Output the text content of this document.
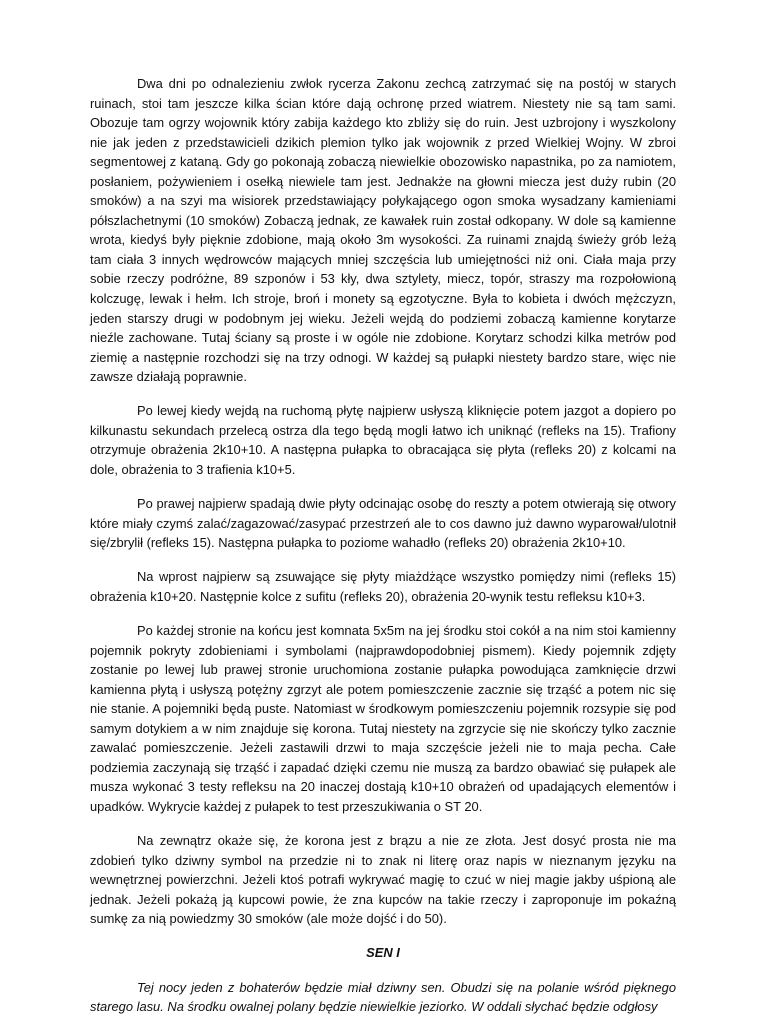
Dwa dni po odnalezieniu zwłok rycerza Zakonu zechcą zatrzymać się na postój w starych ruinach, stoi tam jeszcze kilka ścian które dają ochronę przed wiatrem. Niestety nie są tam sami. Obozuje tam ogrzy wojownik który zabija każdego kto zbliży się do ruin. Jest uzbrojony i wyszkolony nie jak jeden z przedstawicieli dzikich plemion tylko jak wojownik z przed Wielkiej Wojny. W zbroi segmentowej z kataną. Gdy go pokonają zobaczą niewielkie obozowisko napastnika, po za namiotem, posłaniem, pożywieniem i osełką niewiele tam jest. Jednakże na głowni miecza jest duży rubin (20 smoków) a na szyi ma wisiorek przedstawiający połykającego ogon smoka wysadzany kamieniami półszlachetnymi (10 smoków) Zobaczą jednak, ze kawałek ruin został odkopany. W dole są kamienne wrota, kiedyś były pięknie zdobione, mają około 3m wysokości. Za ruinami znajdą świeży grób leżą tam ciała 3 innych wędrowców mających mniej szczęścia lub umiejętności niż oni. Ciała maja przy sobie rzeczy podróżne, 89 szponów i 53 kły, dwa sztylety, miecz, topór, straszy ma rozpołowioną kolczugę, lewak i hełm. Ich stroje, broń i monety są egzotyczne. Była to kobieta i dwóch mężczyzn, jeden starszy drugi w podobnym jej wieku. Jeżeli wejdą do podziemi zobaczą kamienne korytarze nieźle zachowane. Tutaj ściany są proste i w ogóle nie zdobione. Korytarz schodzi kilka metrów pod ziemię a następnie rozchodzi się na trzy odnogi. W każdej są pułapki niestety bardzo stare, więc nie zawsze działają poprawnie.

Po lewej kiedy wejdą na ruchomą płytę najpierw usłyszą kliknięcie potem jazgot a dopiero po kilkunastu sekundach przelecą ostrza dla tego będą mogli łatwo ich uniknąć (refleks na 15). Trafiony otrzymuje obrażenia 2k10+10. A następna pułapka to obracająca się płyta (refleks 20) z kolcami na dole, obrażenia to 3 trafienia k10+5.

Po prawej najpierw spadają dwie płyty odcinając osobę do reszty a potem otwierają się otwory które miały czymś zalać/zagazować/zasypać przestrzeń ale to cos dawno już dawno wyparował/ulotnił się/zbrylił (refleks 15). Następna pułapka to poziome wahadło (refleks 20) obrażenia 2k10+10.

Na wprost najpierw są zsuwające się płyty miażdżące wszystko pomiędzy nimi (refleks 15) obrażenia k10+20. Następnie kolce z sufitu (refleks 20), obrażenia 20-wynik testu refleksu k10+3.

Po każdej stronie na końcu jest komnata 5x5m na jej środku stoi cokół a na nim stoi kamienny pojemnik pokryty zdobieniami i symbolami (najprawdopodobniej pismem). Kiedy pojemnik zdjęty zostanie po lewej lub prawej stronie uruchomiona zostanie pułapka powodująca zamknięcie drzwi kamienna płytą i usłyszą potężny zgrzyt ale potem pomieszczenie zacznie się trząść a potem nic się nie stanie. A pojemniki będą puste. Natomiast w środkowym pomieszczeniu pojemnik rozsypie się pod samym dotykiem a w nim znajduje się korona. Tutaj niestety na zgrzycie się nie skończy tylko zacznie zawalać pomieszczenie. Jeżeli zastawili drzwi to maja szczęście jeżeli nie to maja pecha. Całe podziemia zaczynają się trząść i zapadać dzięki czemu nie muszą za bardzo obawiać się pułapek ale musza wykonać 3 testy refleksu na 20 inaczej dostają k10+10 obrażeń od upadających elementów i upadków. Wykrycie każdej z pułapek to test przeszukiwania o ST 20.

Na zewnątrz okaże się, że korona jest z brązu a nie ze złota. Jest dosyć prosta nie ma zdobień tylko dziwny symbol na przedzie ni to znak ni literę oraz napis w nieznanym języku na wewnętrznej powierzchni. Jeżeli ktoś potrafi wykrywać magię to czuć w niej magie jakby uśpioną ale jednak. Jeżeli pokażą ją kupcowi powie, że zna kupców na takie rzeczy i zaproponuje im pokaźną sumkę za nią powiedzmy 30 smoków (ale może dojść i do 50).

SEN I

Tej nocy jeden z bohaterów będzie miał dziwny sen. Obudzi się na polanie wśród pięknego starego lasu. Na środku owalnej polany będzie niewielkie jeziorko. W oddali słychać będzie odgłosy
